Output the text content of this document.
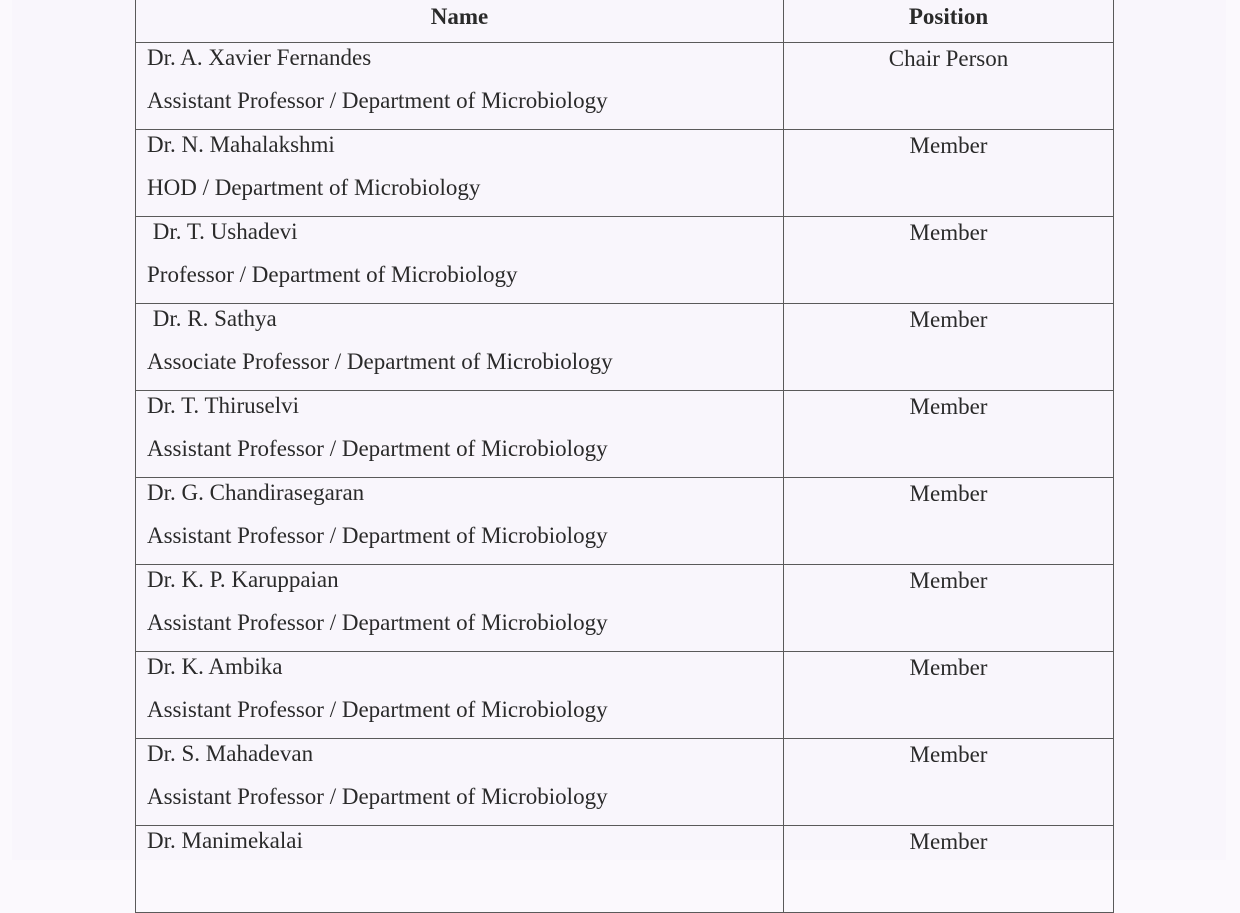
Name	Position

Dr. A. Xavier Fernandes
Assistant Professor / Department of Microbiology	Chair Person

Dr. N. Mahalakshmi
HOD / Department of Microbiology	Member

Dr. T. Ushadevi
Professor / Department of Microbiology	Member

Dr. R. Sathya
Associate Professor / Department of Microbiology	Member

Dr. T. Thiruselvi
Assistant Professor / Department of Microbiology	Member

Dr. G. Chandirasegaran
Assistant Professor / Department of Microbiology	Member

Dr. K. P. Karuppaian
Assistant Professor / Department of Microbiology	Member

Dr. K. Ambika
Assistant Professor / Department of Microbiology	Member

Dr. S. Mahadevan
Assistant Professor / Department of Microbiology	Member

Dr. Manimekalai	Member
